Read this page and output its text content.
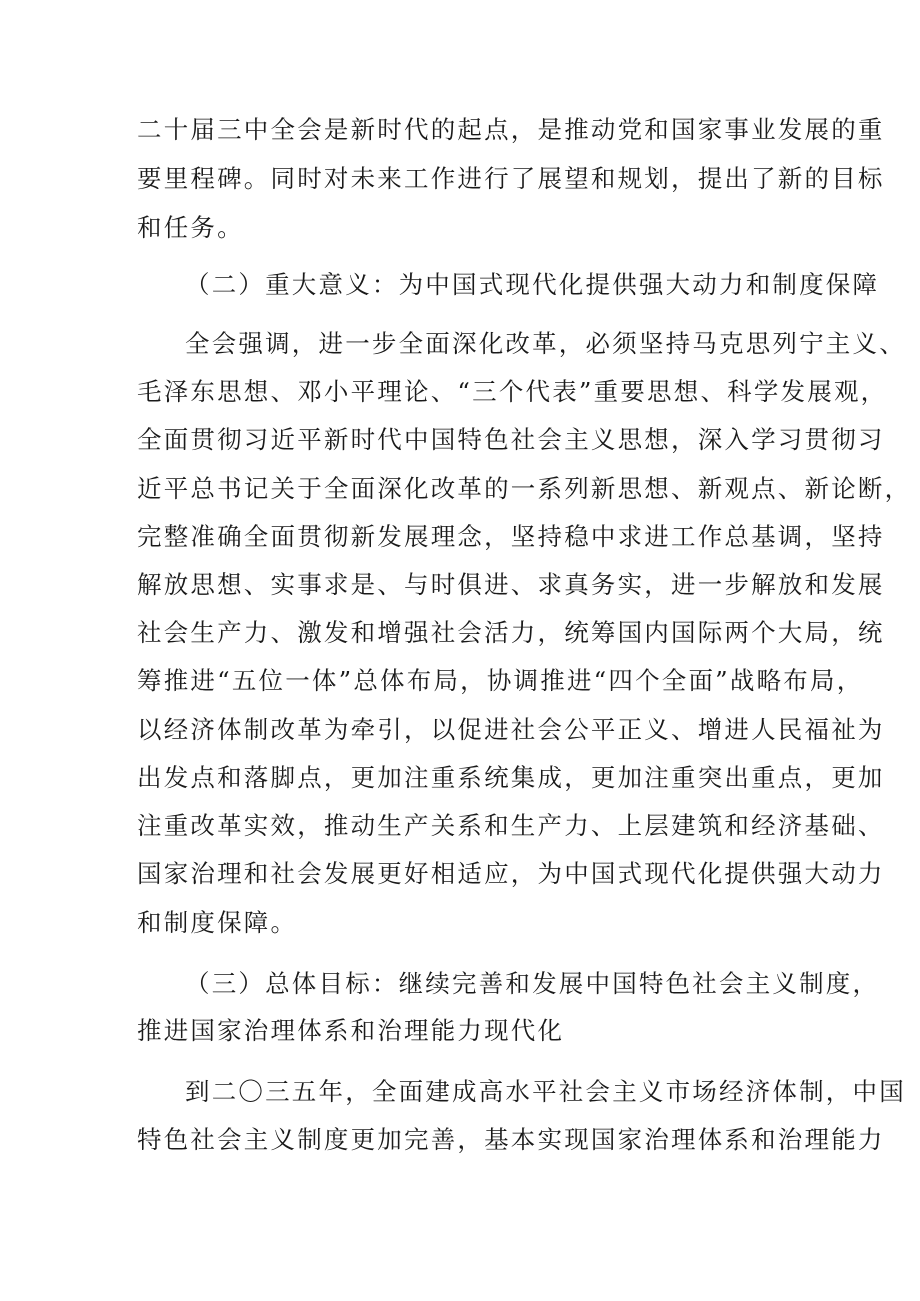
二十届三中全会是新时代的起点，是推动党和国家事业发展的重
要里程碑。同时对未来工作进行了展望和规划，提出了新的目标
和任务。
（二）重大意义：为中国式现代化提供强大动力和制度保障
全会强调，进一步全面深化改革，必须坚持马克思列宁主义、
毛泽东思想、邓小平理论、“三个代表”重要思想、科学发展观，
全面贯彻习近平新时代中国特色社会主义思想，深入学习贯彻习
近平总书记关于全面深化改革的一系列新思想、新观点、新论断，
完整准确全面贯彻新发展理念，坚持稳中求进工作总基调，坚持
解放思想、实事求是、与时俱进、求真务实，进一步解放和发展
社会生产力、激发和增强社会活力，统筹国内国际两个大局，统
筹推进“五位一体”总体布局，协调推进“四个全面”战略布局，
以经济体制改革为牵引，以促进社会公平正义、增进人民福祉为
出发点和落脚点，更加注重系统集成，更加注重突出重点，更加
注重改革实效，推动生产关系和生产力、上层建筑和经济基础、
国家治理和社会发展更好相适应，为中国式现代化提供强大动力
和制度保障。
（三）总体目标：继续完善和发展中国特色社会主义制度，
推进国家治理体系和治理能力现代化
到二〇三五年，全面建成高水平社会主义市场经济体制，中国
特色社会主义制度更加完善，基本实现国家治理体系和治理能力
